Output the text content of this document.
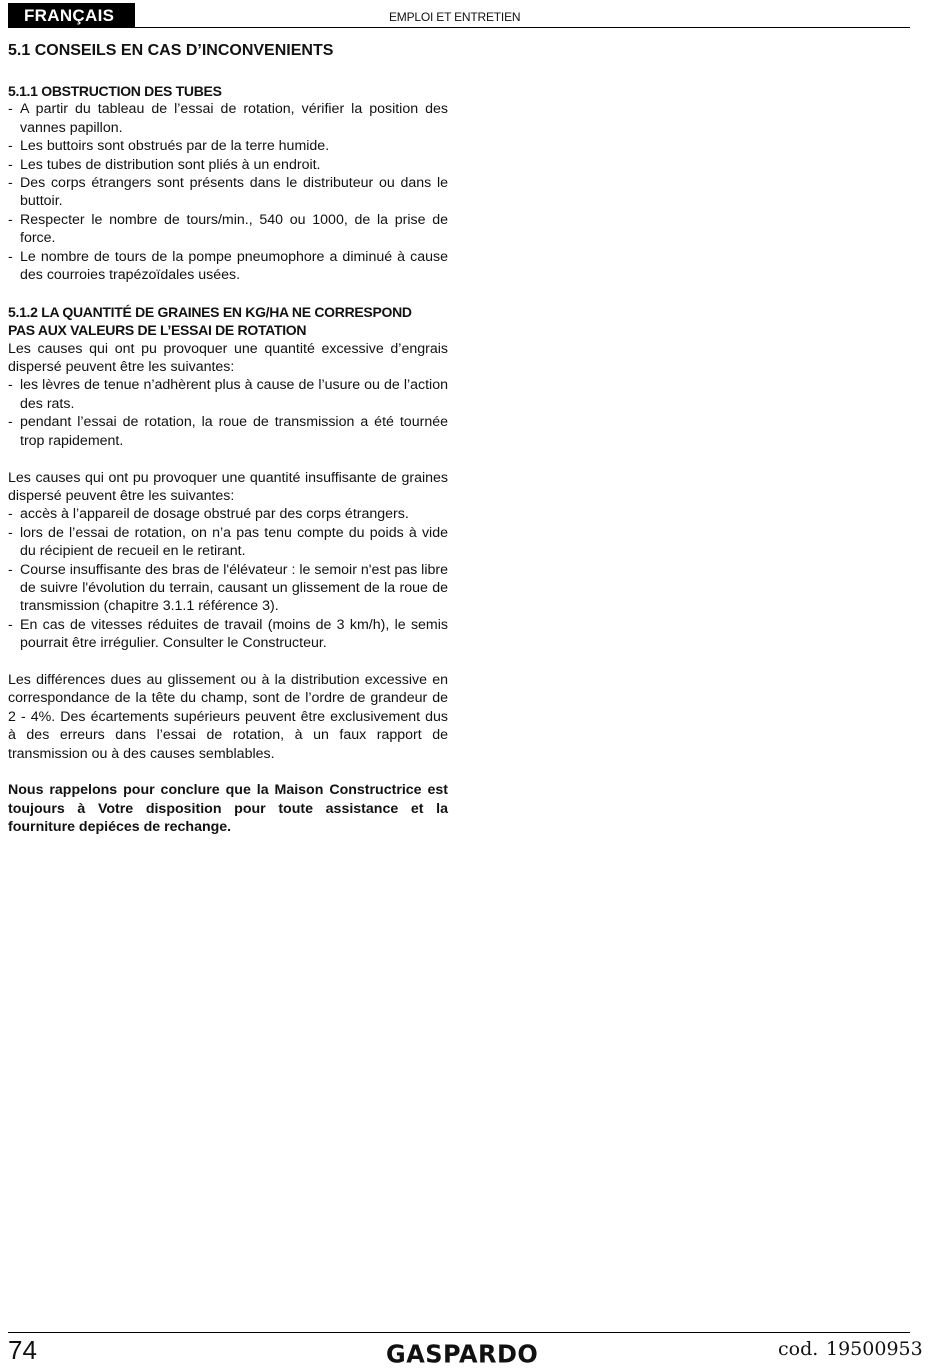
FRANÇAIS	EMPLOI ET ENTRETIEN
5.1 CONSEILS EN CAS D’INCONVENIENTS
5.1.1 OBSTRUCTION DES TUBES
- A partir du tableau de l’essai de rotation, vérifier la position des vannes papillon.
- Les buttoirs sont obstrués par de la terre humide.
- Les tubes de distribution sont pliés à un endroit.
- Des corps étrangers sont présents dans le distributeur ou dans le buttoir.
- Respecter le nombre de tours/min., 540 ou 1000, de la prise de force.
- Le nombre de tours de la pompe pneumophore a diminué à cause des courroies trapézoïdales usées.
5.1.2 LA QUANTITÉ DE GRAINES EN KG/HA NE CORRESPOND
PAS AUX VALEURS DE L’ESSAI DE ROTATION

Les causes qui ont pu provoquer une quantité excessive d’engrais dispersé peuvent être les suivantes:

- les lèvres de tenue n’adhèrent plus à cause de l’usure ou de l’action des rats.
- pendant l’essai de rotation, la roue de transmission a été tournée trop rapidement.

Les causes qui ont pu provoquer une quantité insuffisante de graines dispersé peuvent être les suivantes:

- accès à l’appareil de dosage obstrué par des corps étrangers.
- lors de l’essai de rotation, on n’a pas tenu compte du poids à vide du récipient de recueil en le retirant.
- Course insuffisante des bras de l'élévateur : le semoir n'est pas libre de suivre l'évolution du terrain, causant un glissement de la roue de transmission (chapitre 3.1.1 référence 3).
- En cas de vitesses réduites de travail (moins de 3 km/h), le semis pourrait être irrégulier. Consulter le Constructeur.

Les différences dues au glissement ou à la distribution excessive en correspondance de la tête du champ, sont de l’ordre de grandeur de 2 - 4%. Des écartements supérieurs peuvent être exclusivement dus à des erreurs dans l’essai de rotation, à un faux rapport de transmission ou à des causes semblables.

Nous rappelons pour conclure que la Maison Constructrice est toujours à Votre disposition pour toute assistance et la fourniture depiéces de rechange.

74	GASPARDO	cod. 19500953
